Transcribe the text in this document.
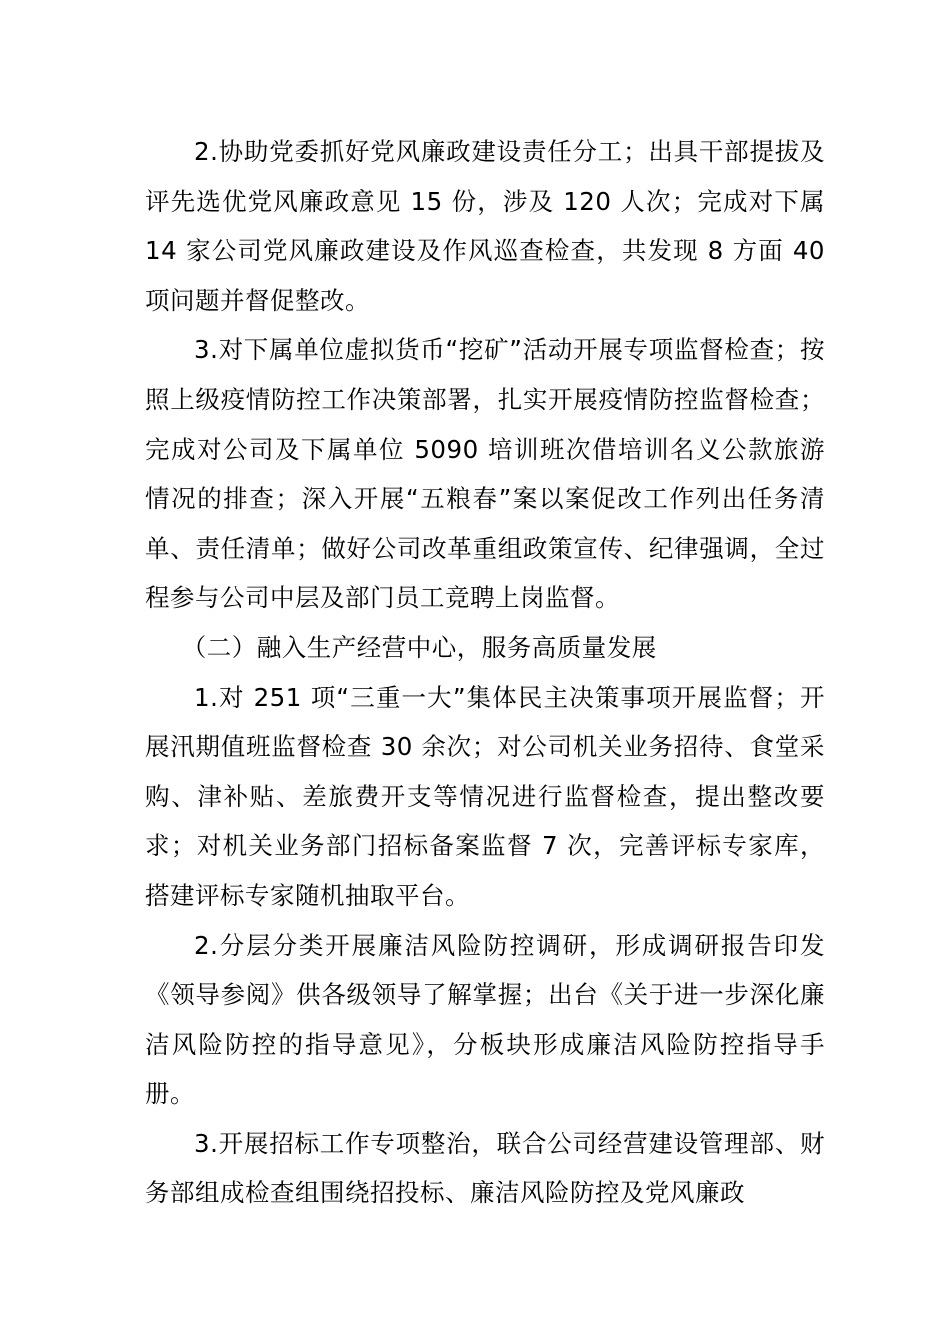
2.协助党委抓好党风廉政建设责任分工；出具干部提拔及评先选优党风廉政意见 15 份，涉及 120 人次；完成对下属 14 家公司党风廉政建设及作风巡查检查，共发现 8 方面 40 项问题并督促整改。

3.对下属单位虚拟货币“挖矿”活动开展专项监督检查；按照上级疫情防控工作决策部署，扎实开展疫情防控监督检查；完成对公司及下属单位 5090 培训班次借培训名义公款旅游情况的排查；深入开展“五粮春”案以案促改工作列出任务清单、责任清单；做好公司改革重组政策宣传、纪律强调，全过程参与公司中层及部门员工竞聘上岗监督。

（二）融入生产经营中心，服务高质量发展

1.对 251 项“三重一大”集体民主决策事项开展监督；开展汛期值班监督检查 30 余次；对公司机关业务招待、食堂采购、津补贴、差旅费开支等情况进行监督检查，提出整改要求；对机关业务部门招标备案监督 7 次，完善评标专家库，搭建评标专家随机抽取平台。

2.分层分类开展廉洁风险防控调研，形成调研报告印发《领导参阅》供各级领导了解掌握；出台《关于进一步深化廉洁风险防控的指导意见》，分板块形成廉洁风险防控指导手册。

3.开展招标工作专项整治，联合公司经营建设管理部、财务部组成检查组围绕招投标、廉洁风险防控及党风廉政
